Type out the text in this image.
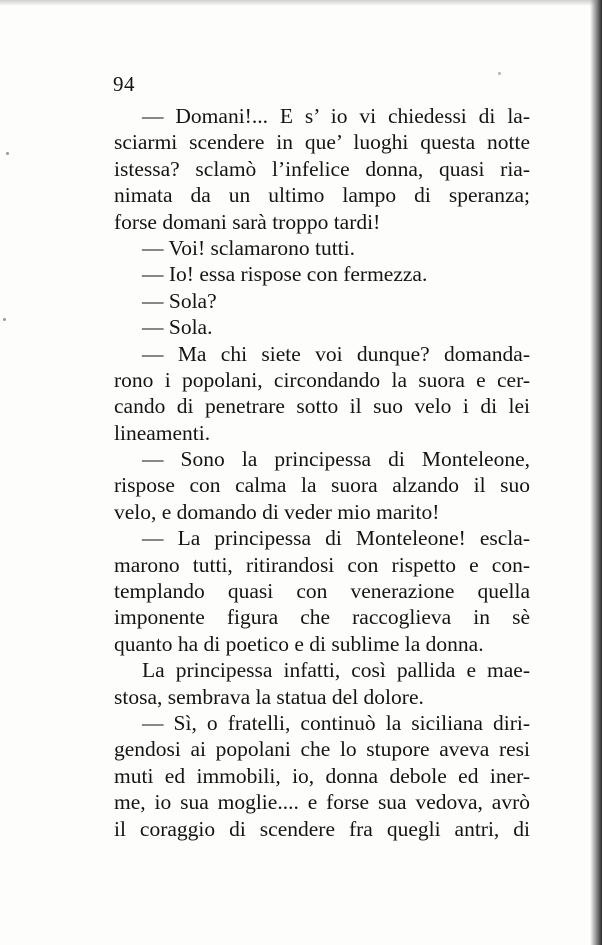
94
— Domani!... E s’ io vi chiedessi di la-
sciarmi scendere in que’ luoghi questa notte
istessa? sclamò l’infelice donna, quasi ria-
nimata da un ultimo lampo di speranza;
forse domani sarà troppo tardi!
— Voi! sclamarono tutti.
— Io! essa rispose con fermezza.
— Sola?
— Sola.
— Ma chi siete voi dunque? domanda-
rono i popolani, circondando la suora e cer-
cando di penetrare sotto il suo velo i di lei
lineamenti.
— Sono la principessa di Monteleone,
rispose con calma la suora alzando il suo
velo, e domando di veder mio marito!
— La principessa di Monteleone! escla-
marono tutti, ritirandosi con rispetto e con-
templando quasi con venerazione quella
imponente figura che raccoglieva in sè
quanto ha di poetico e di sublime la donna.
La principessa infatti, così pallida e mae-
stosa, sembrava la statua del dolore.
— Sì, o fratelli, continuò la siciliana diri-
gendosi ai popolani che lo stupore aveva resi
muti ed immobili, io, donna debole ed iner-
me, io sua moglie.... e forse sua vedova, avrò
il coraggio di scendere fra quegli antri, di
